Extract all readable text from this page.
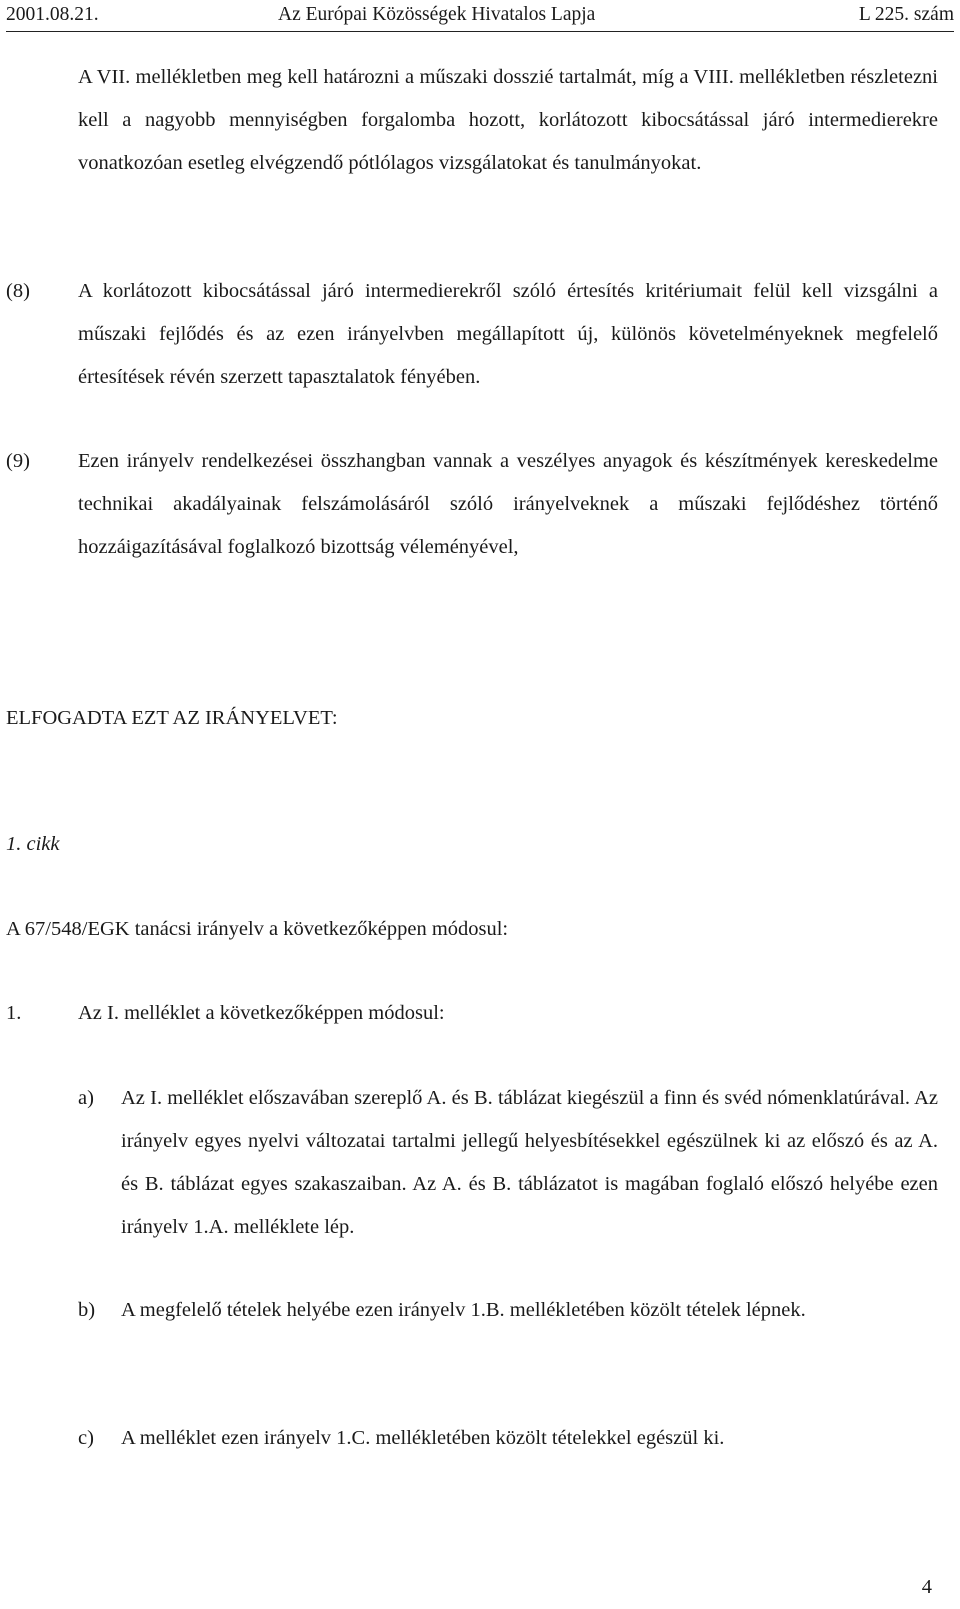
2001.08.21.	Az Európai Közösségek Hivatalos Lapja	L 225. szám
A VII. mellékletben meg kell határozni a műszaki dosszié tartalmát, míg a VIII. mellékletben részletezni kell a nagyobb mennyiségben forgalomba hozott, korlátozott kibocsátással járó intermedierekre vonatkozóan esetleg elvégzendő pótlólagos vizsgálatokat és tanulmányokat.
(8) A korlátozott kibocsátással járó intermedierekről szóló értesítés kritériumait felül kell vizsgálni a műszaki fejlődés és az ezen irányelvben megállapított új, különös követelményeknek megfelelő értesítések révén szerzett tapasztalatok fényében.
(9) Ezen irányelv rendelkezései összhangban vannak a veszélyes anyagok és készítmények kereskedelme technikai akadályainak felszámolásáról szóló irányelveknek a műszaki fejlődéshez történő hozzáigazításával foglalkozó bizottság véleményével,
ELFOGADTA EZT AZ IRÁNYELVET:
1. cikk
A 67/548/EGK tanácsi irányelv a következőképpen módosul:
1.	Az I. melléklet a következőképpen módosul:
a) Az I. melléklet előszavában szereplő A. és B. táblázat kiegészül a finn és svéd nómenklatúrával. Az irányelv egyes nyelvi változatai tartalmi jellegű helyesbítésekkel egészülnek ki az előszó és az A. és B. táblázat egyes szakaszaiban. Az A. és B. táblázatot is magában foglaló előszó helyébe ezen irányelv 1.A. melléklete lép.
b) A megfelelő tételek helyébe ezen irányelv 1.B. mellékletében közölt tételek lépnek.
c) A melléklet ezen irányelv 1.C. mellékletében közölt tételekkel egészül ki.
4
